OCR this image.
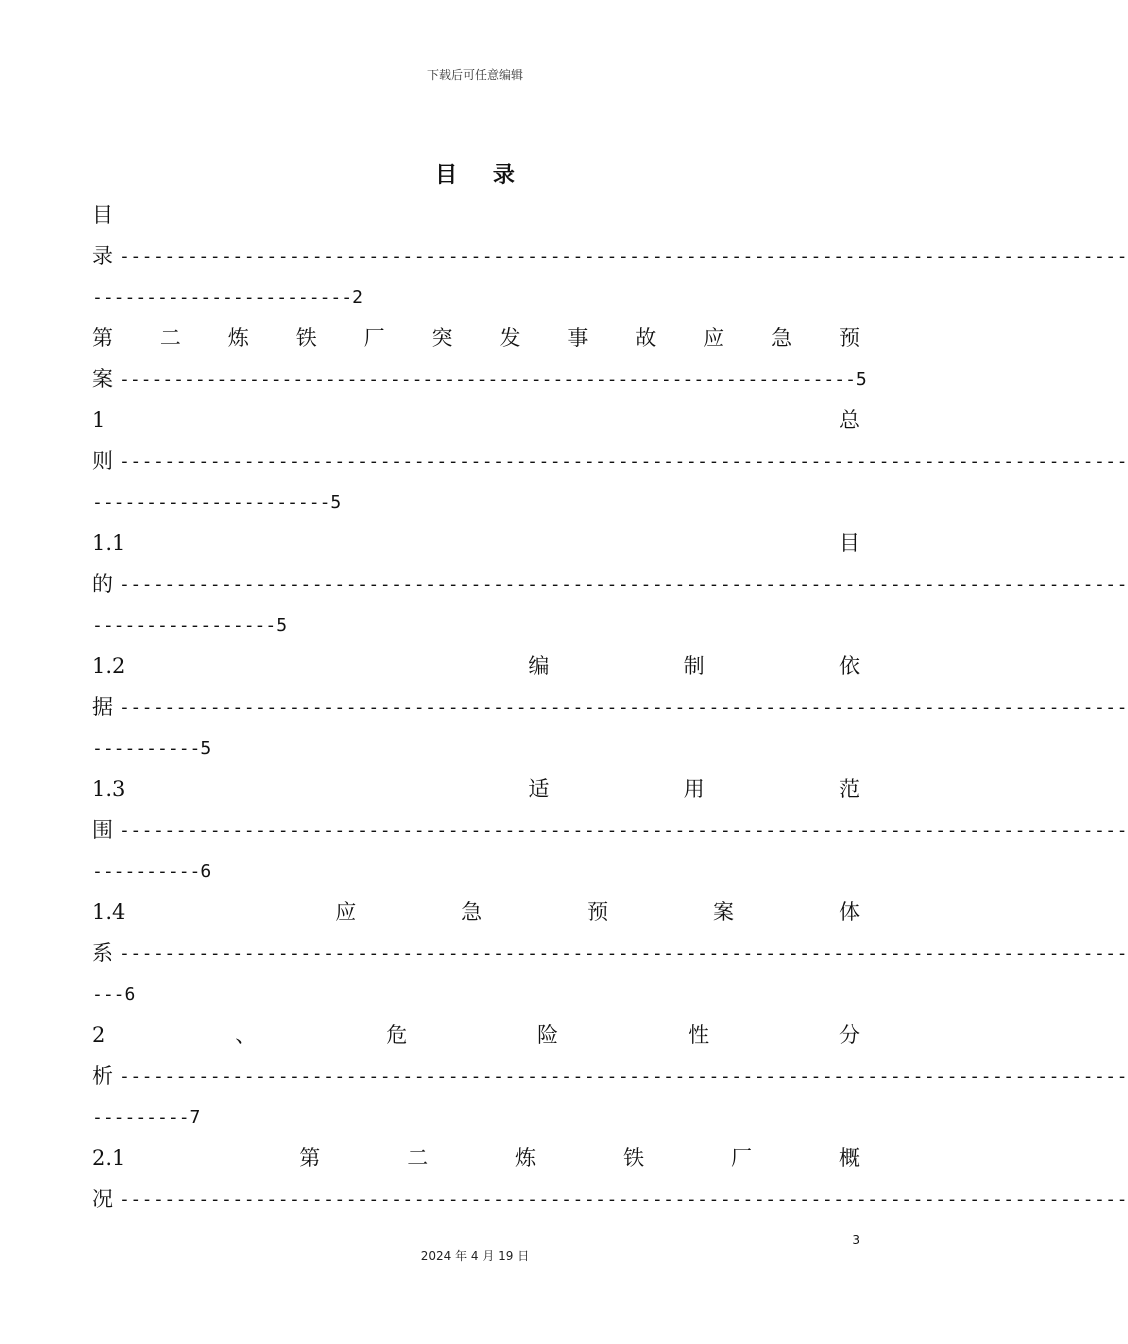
下载后可任意编辑
目 录
目
录 -----------------------------------------------------------------------------------------
------------------------2
第 二 炼 铁 厂 突 发 事 故 应 急 预
案 --------------------------------------------------------------------5
1	总
则 -----------------------------------------------------------------------------------------
----------------------5
1.1	目
的 -----------------------------------------------------------------------------------------
-----------------5
1.2	编	制	依
据 -----------------------------------------------------------------------------------------
----------5
1.3	适	用	范
围 -----------------------------------------------------------------------------------------
----------6
1.4	应	急	预	案	体
系 -----------------------------------------------------------------------------------------
---6
2	、	危	险	性	分
析 -----------------------------------------------------------------------------------------
---------7
2.1	第	二	炼	铁	厂	概
况 -----------------------------------------------------------------------------------------
3
2024 年 4 月 19 日
